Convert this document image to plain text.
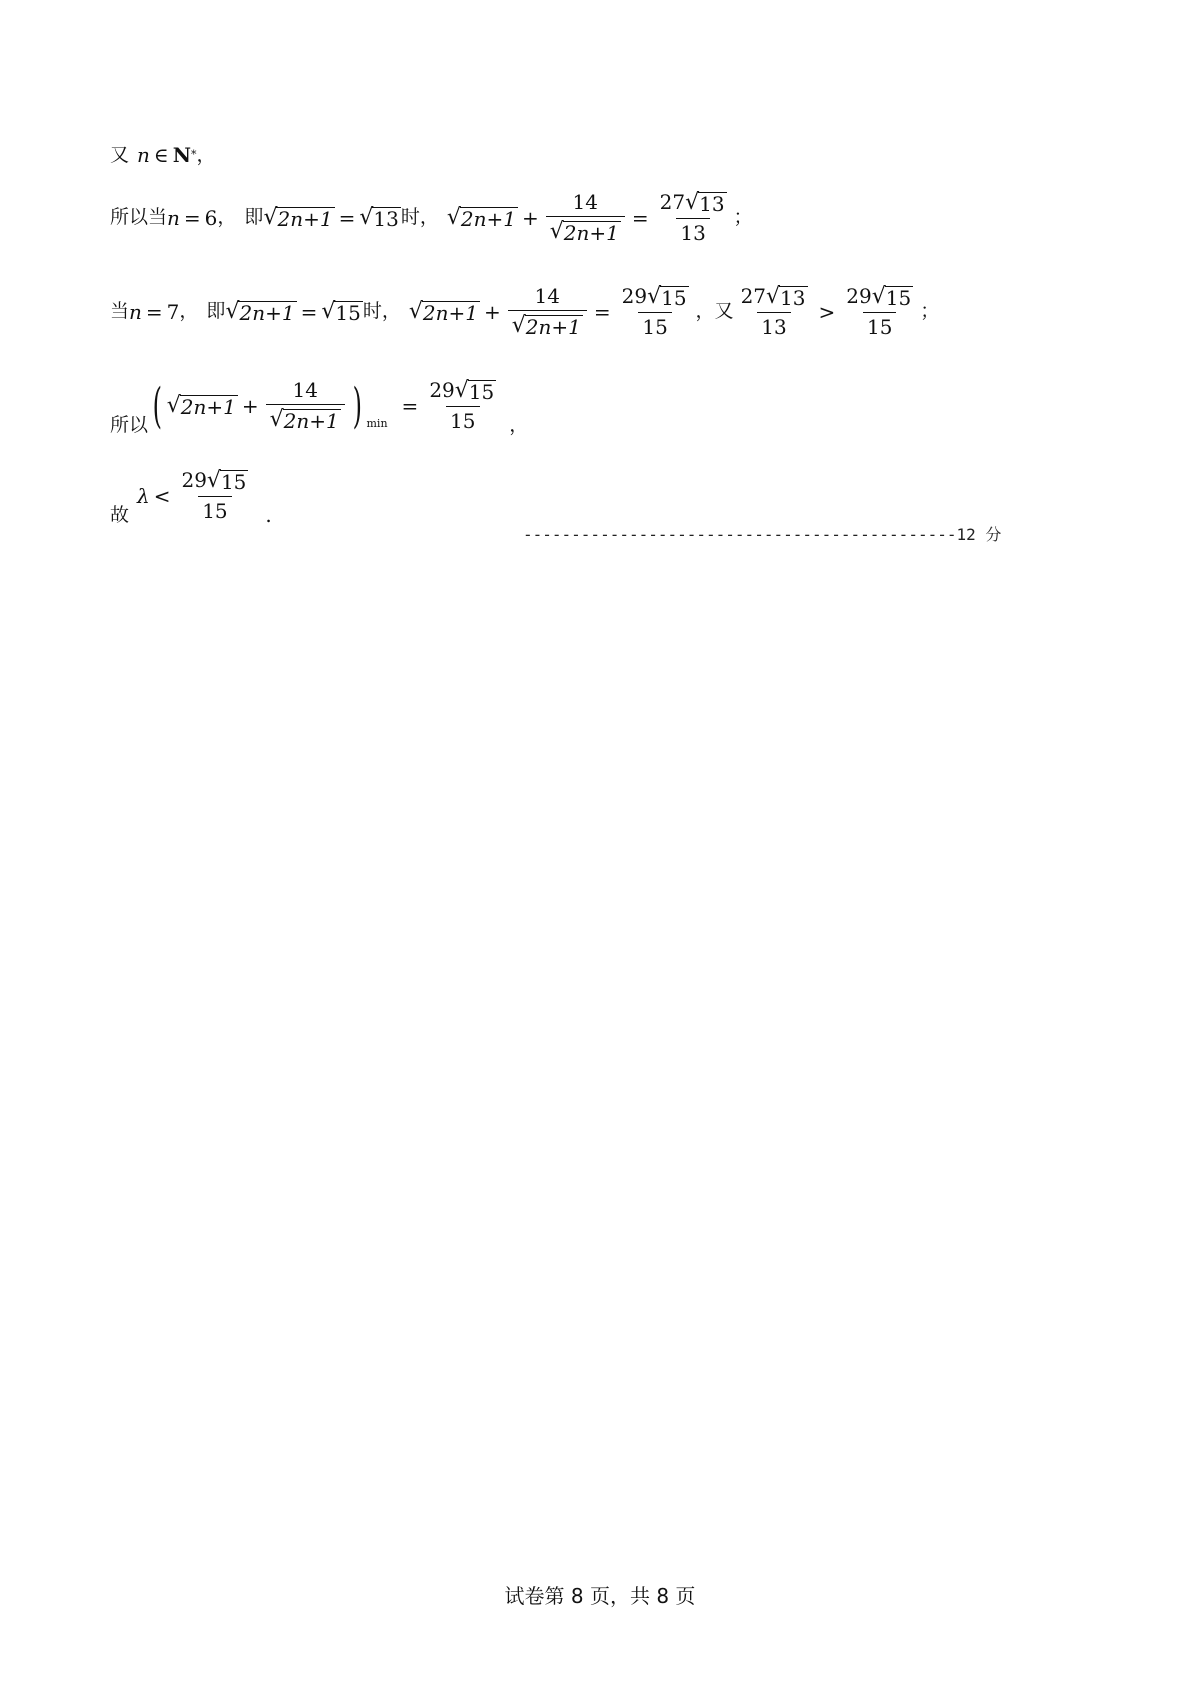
又 n ∈ N * ，
所以当 n = 6 ， 即 √ 2n+1 = √ 13 时， √ $2n+1 + \frac{14}{√ 2n+1} = \frac{27 √ 13}{13}$ ；
当 n = 7 ， 即 √ 2n+1 = √ 15 时， √ $2n+1 + \frac{14}{√ 2n+1} = \frac{29 √ 15}{15}$ ，又 $\frac{27 √ 13}{13} > \frac{29 √ 15}{15}$ ；
所以 ( √ $2n+1 + \frac{14}{√ 2n+1}$ ) min
= $\frac{29 √ 15}{15}$ ，
故
$\lambda < \frac{29 √ 15}{15}$ .
---------------------------------------------12 分
试卷第 8 页，共 8 页
